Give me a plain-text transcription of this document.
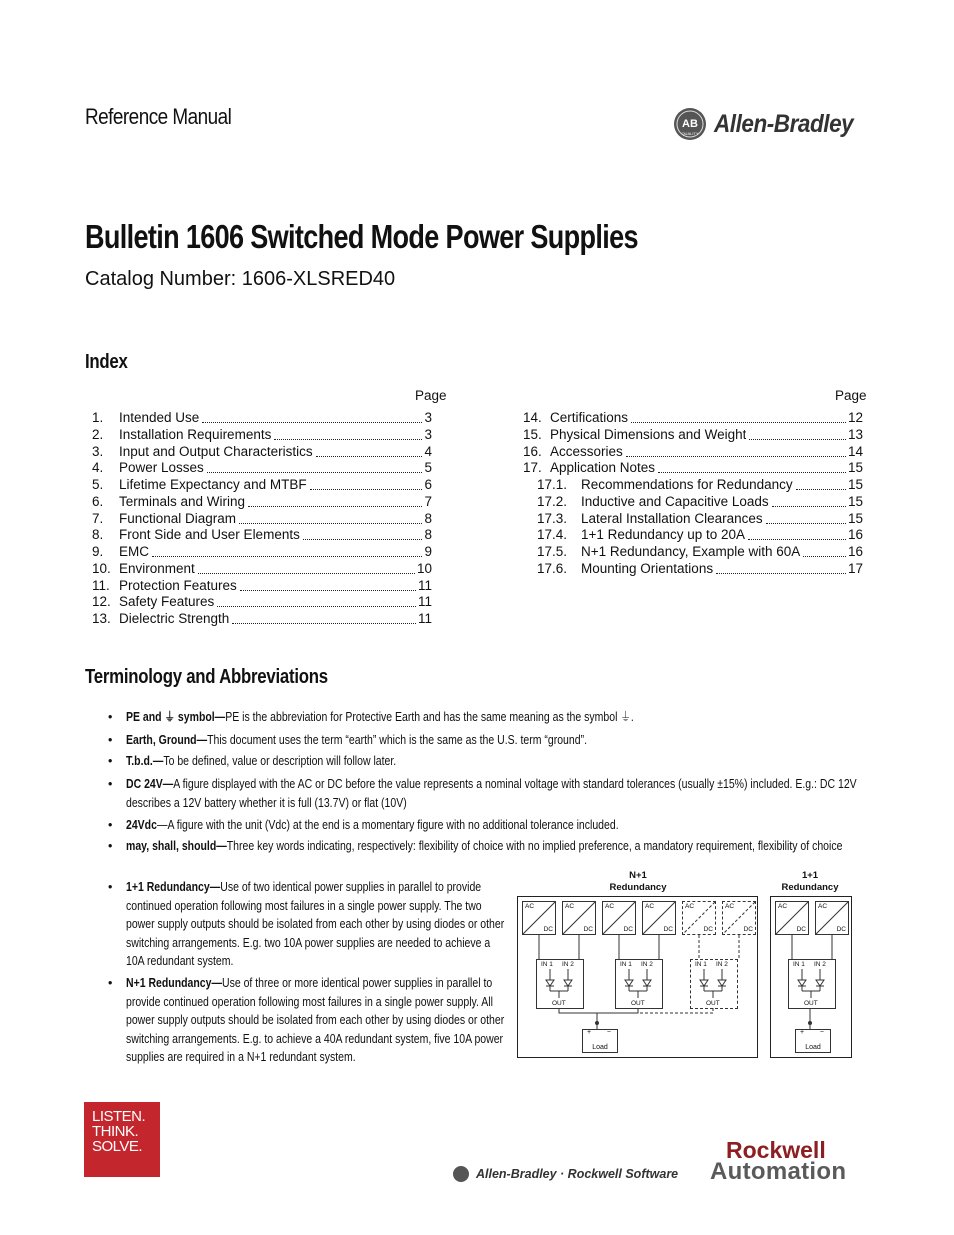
Reference Manual	AB
QUALITY Allen-Bradley
Bulletin 1606 Switched Mode Power Supplies
Catalog Number: 1606-XLSRED40
Index
Page	Page
1. Intended Use	3
2. Installation Requirements	3
3. Input and Output Characteristics	4
4. Power Losses	5
5. Lifetime Expectancy and MTBF	6
6. Terminals and Wiring	7
7. Functional Diagram	8
8. Front Side and User Elements	8
9. EMC	9
10. Environment	10
11. Protection Features	11
12. Safety Features	11
13. Dielectric Strength	11
14. Certifications	12
15. Physical Dimensions and Weight	13
16. Accessories	14
17. Application Notes	15
17.1. Recommendations for Redundancy	15
17.2. Inductive and Capacitive Loads	15
17.3. Lateral Installation Clearances	15
17.4. 1+1 Redundancy up to 20A	16
17.5. N+1 Redundancy, Example with 60A	16
17.6. Mounting Orientations	17
Terminology and Abbreviations
• PE and ⏚ symbol—PE is the abbreviation for Protective Earth and has the same meaning as the symbol ⏚.
• Earth, Ground—This document uses the term “earth” which is the same as the U.S. term “ground”.
• T.b.d.—To be defined, value or description will follow later.
• DC 24V—A figure displayed with the AC or DC before the value represents a nominal voltage with standard tolerances (usually ±15%) included. E.g.: DC 12V describes a 12V battery whether it is full (13.7V) or flat (10V)
• 24Vdc—A figure with the unit (Vdc) at the end is a momentary figure with no additional tolerance included.
• may, shall, should—Three key words indicating, respectively: flexibility of choice with no implied preference, a mandatory requirement, flexibility of choice
• 1+1 Redundancy—Use of two identical power supplies in parallel to provide continued operation following most failures in a single power supply. The two power supply outputs should be isolated from each other by using diodes or other switching arrangements. E.g. two 10A power supplies are needed to achieve a 10A redundant system.
• N+1 Redundancy—Use of three or more identical power supplies in parallel to provide continued operation following most failures in a single power supply. All power supply outputs should be isolated from each other by using diodes or other switching arrangements. E.g. to achieve a 40A redundant system, five 10A power supplies are required in a N+1 redundant system.
N+1
Redundancy
AC
DC
AC
DC
AC
DC
AC
DC
AC
DC
AC
DC
IN 1 IN 2
OUT
IN 1 IN 2
OUT
IN 1 IN 2
OUT
+ −
Load
1+1
Redundancy
AC
DC
AC
DC
IN 1 IN 2
OUT
+ −
Load
LISTEN.
THINK.
SOLVE.
Allen-Bradley · Rockwell Software
Rockwell
Automation
